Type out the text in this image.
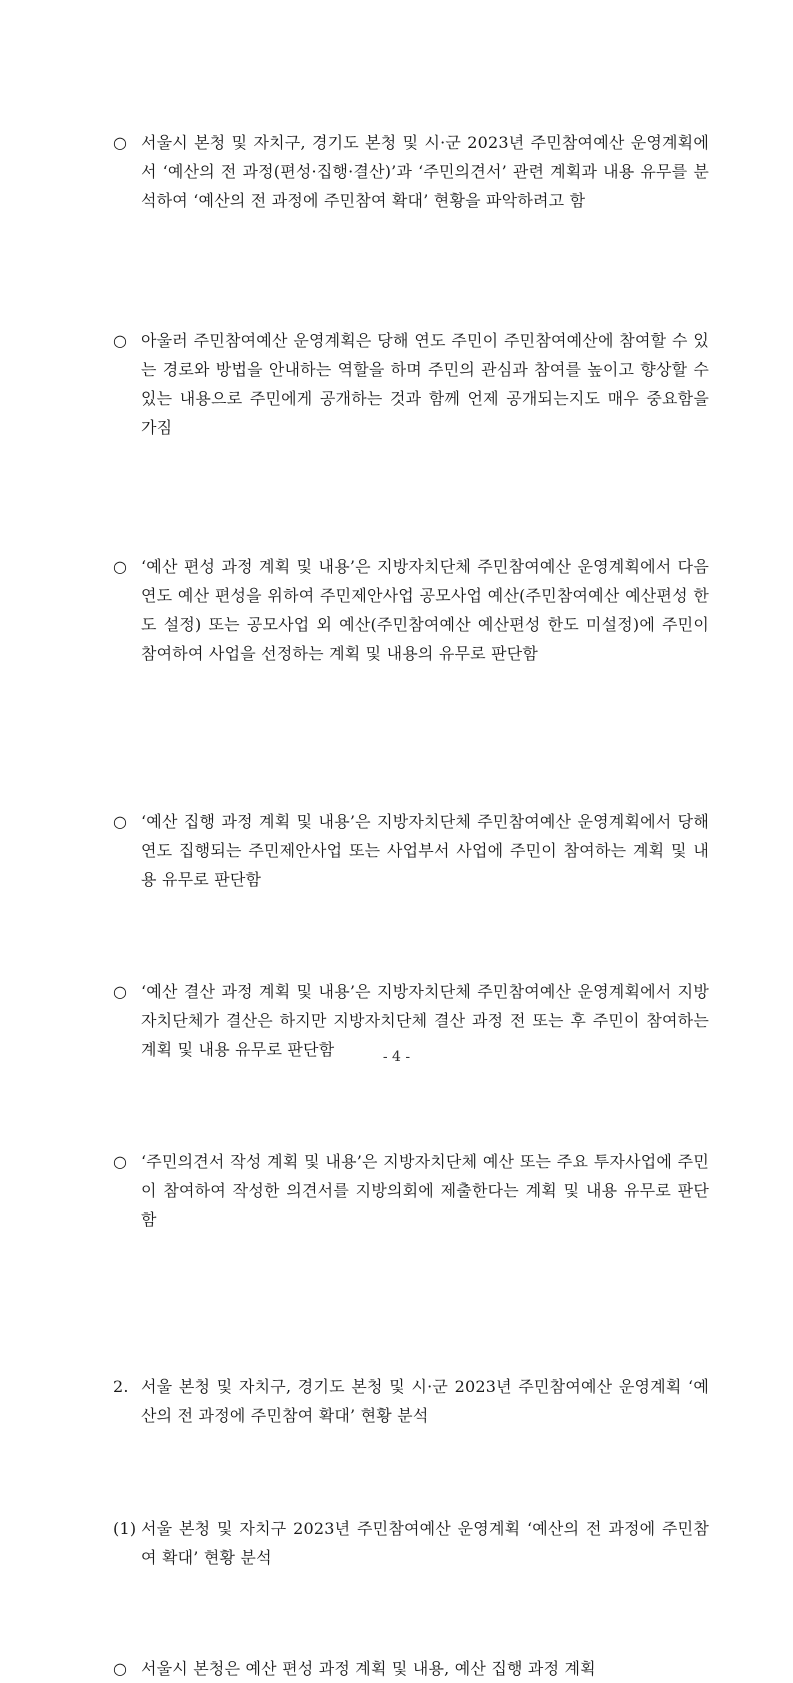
○ 서울시 본청 및 자치구, 경기도 본청 및 시·군 2023년 주민참여예산 운영계획에서 ‘예산의 전 과정(편성·집행·결산)’과 ‘주민의견서’ 관련 계획과 내용 유무를 분석하여 ‘예산의 전 과정에 주민참여 확대’ 현황을 파악하려고 함
○ 아울러 주민참여예산 운영계획은 당해 연도 주민이 주민참여예산에 참여할 수 있는 경로와 방법을 안내하는 역할을 하며 주민의 관심과 참여를 높이고 향상할 수 있는 내용으로 주민에게 공개하는 것과 함께 언제 공개되는지도 매우 중요함을 가짐
○ ‘예산 편성 과정 계획 및 내용’은 지방자치단체 주민참여예산 운영계획에서 다음연도 예산 편성을 위하여 주민제안사업 공모사업 예산(주민참여예산 예산편성 한도 설정) 또는 공모사업 외 예산(주민참여예산 예산편성 한도 미설정)에 주민이 참여하여 사업을 선정하는 계획 및 내용의 유무로 판단함
○ ‘예산 집행 과정 계획 및 내용’은 지방자치단체 주민참여예산 운영계획에서 당해연도 집행되는 주민제안사업 또는 사업부서 사업에 주민이 참여하는 계획 및 내용 유무로 판단함
○ ‘예산 결산 과정 계획 및 내용’은 지방자치단체 주민참여예산 운영계획에서 지방자치단체가 결산은 하지만 지방자치단체 결산 과정 전 또는 후 주민이 참여하는 계획 및 내용 유무로 판단함
○ ‘주민의견서 작성 계획 및 내용’은 지방자치단체 예산 또는 주요 투자사업에 주민이 참여하여 작성한 의견서를 지방의회에 제출한다는 계획 및 내용 유무로 판단함
2. 서울 본청 및 자치구, 경기도 본청 및 시·군 2023년 주민참여예산 운영계획 ‘예산의 전 과정에 주민참여 확대’ 현황 분석
(1) 서울 본청 및 자치구 2023년 주민참여예산 운영계획 ‘예산의 전 과정에 주민참여 확대’ 현황 분석
○ 서울시 본청은 예산 편성 과정 계획 및 내용, 예산 집행 과정 계획
- 4 -
